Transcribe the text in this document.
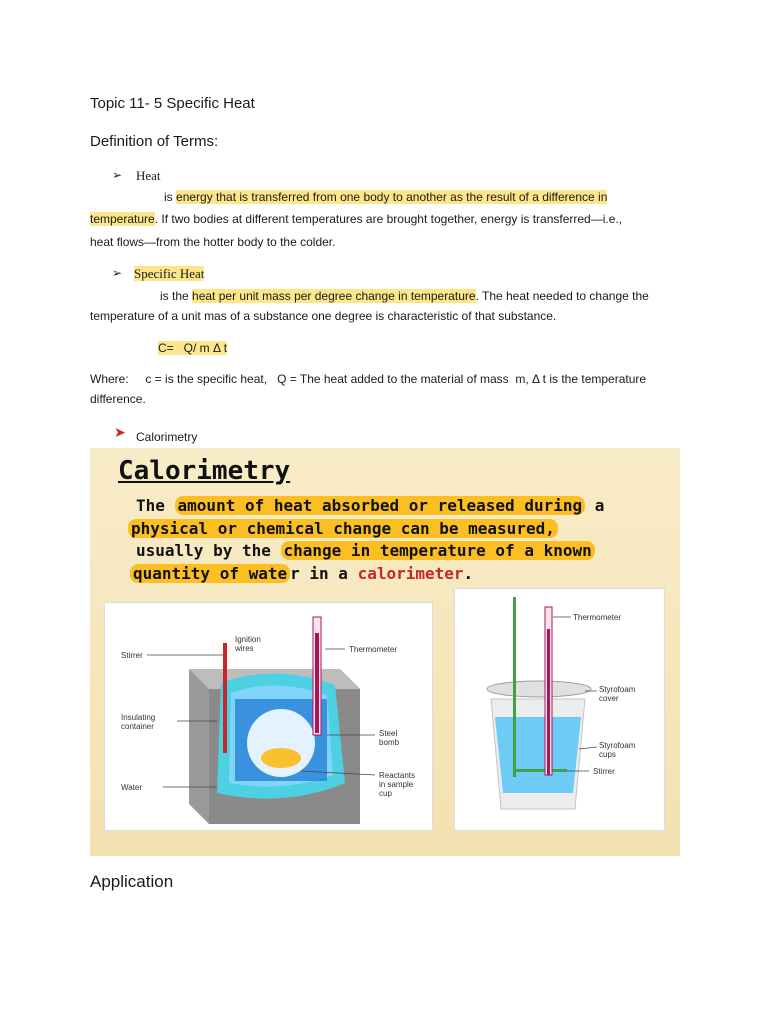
Topic 11- 5 Specific Heat
Definition of Terms:
➢ Heat
is energy that is transferred from one body to another as the result of a difference in
temperature. If two bodies at different temperatures are brought together, energy is transferred—i.e.,
heat flows—from the hotter body to the colder.
➢ Specific Heat
is the heat per unit mass per degree change in temperature. The heat needed to change the
temperature of a unit mas of a substance one degree is characteristic of that substance.
C=   Q/ m Δ t
Where:     c = is the specific heat,   Q = The heat added to the material of mass  m, Δ t is the temperature
difference.
➤ Calorimetry
Calorimetry
The amount of heat absorbed or released during a
physical or chemical change can be measured,
usually by the change in temperature of a known
quantity of wate r in a calorimeter.
Stirrer
Ignition
wires	Thermometer
Insulating
container
Steel
bomb
Water
Reactants
in sample
cup
Thermometer
Styrofoam
cover
Styrofoam
cups
Stirrer
Application
